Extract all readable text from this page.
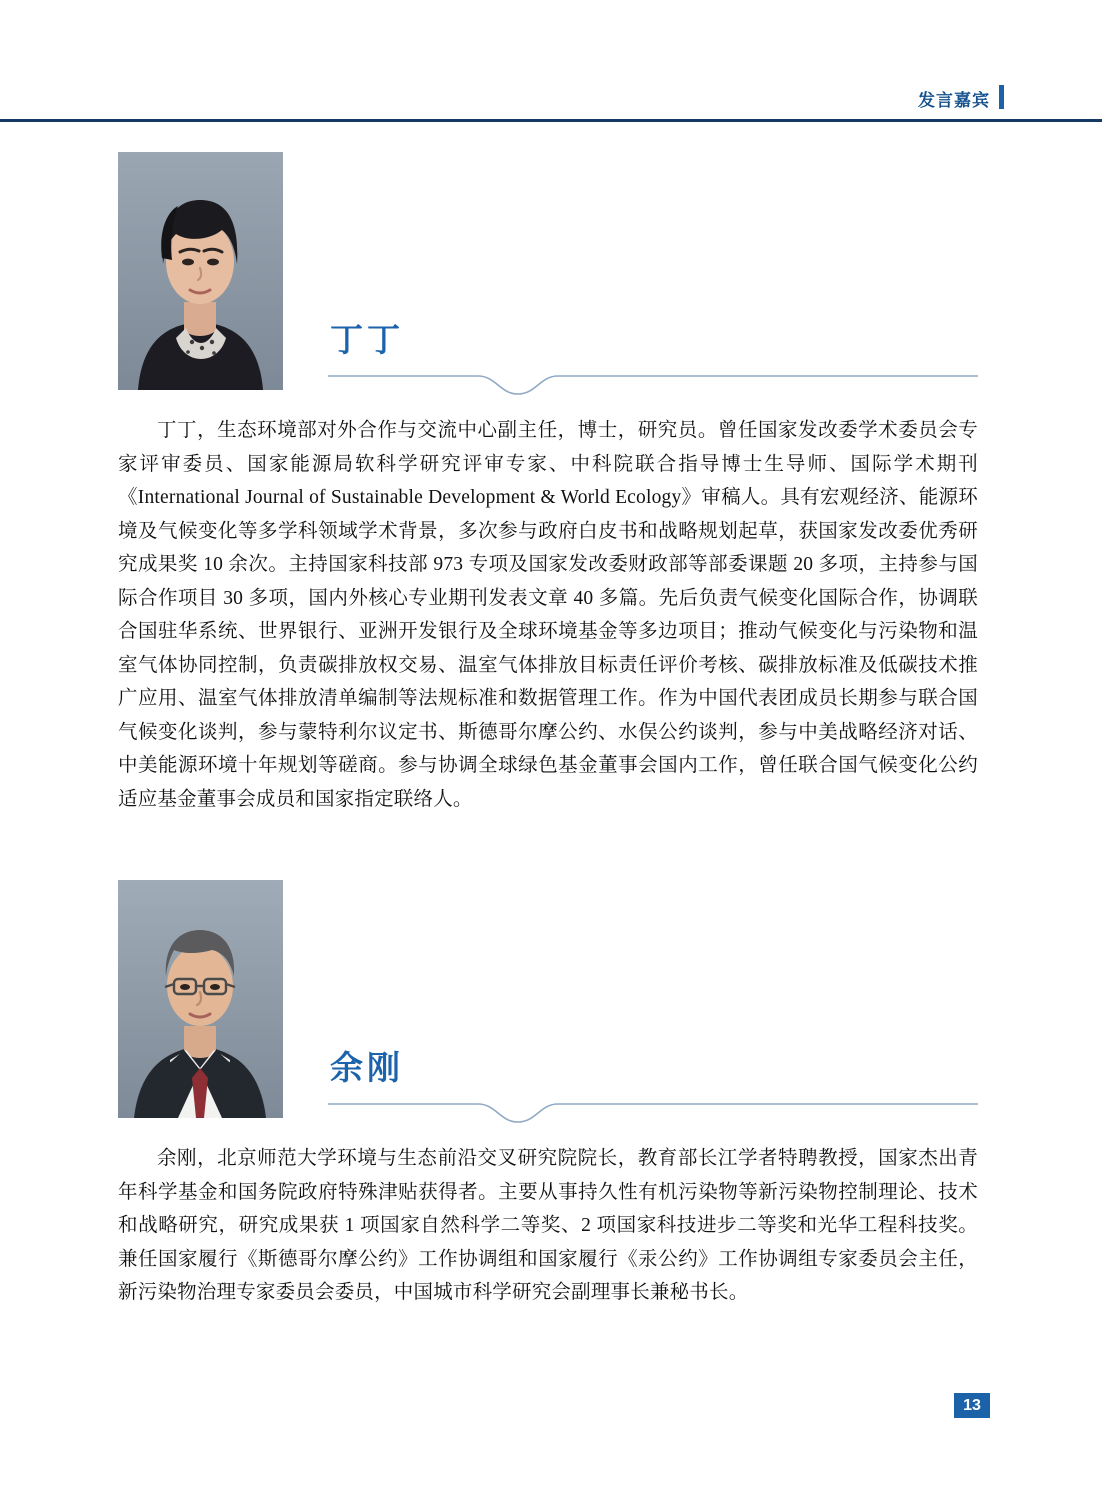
发言嘉宾
丁丁
丁丁，生态环境部对外合作与交流中心副主任，博士，研究员。曾任国家发改委学术委员会专家评审委员、国家能源局软科学研究评审专家、中科院联合指导博士生导师、国际学术期刊《International Journal of Sustainable Development & World Ecology》审稿人。具有宏观经济、能源环境及气候变化等多学科领域学术背景，多次参与政府白皮书和战略规划起草，获国家发改委优秀研究成果奖 10 余次。主持国家科技部 973 专项及国家发改委财政部等部委课题 20 多项，主持参与国际合作项目 30 多项，国内外核心专业期刊发表文章 40 多篇。先后负责气候变化国际合作，协调联合国驻华系统、世界银行、亚洲开发银行及全球环境基金等多边项目；推动气候变化与污染物和温室气体协同控制，负责碳排放权交易、温室气体排放目标责任评价考核、碳排放标准及低碳技术推广应用、温室气体排放清单编制等法规标准和数据管理工作。作为中国代表团成员长期参与联合国气候变化谈判，参与蒙特利尔议定书、斯德哥尔摩公约、水俣公约谈判，参与中美战略经济对话、中美能源环境十年规划等磋商。参与协调全球绿色基金董事会国内工作，曾任联合国气候变化公约适应基金董事会成员和国家指定联络人。
余刚
余刚，北京师范大学环境与生态前沿交叉研究院院长，教育部长江学者特聘教授，国家杰出青年科学基金和国务院政府特殊津贴获得者。主要从事持久性有机污染物等新污染物控制理论、技术和战略研究，研究成果获 1 项国家自然科学二等奖、2 项国家科技进步二等奖和光华工程科技奖。兼任国家履行《斯德哥尔摩公约》工作协调组和国家履行《汞公约》工作协调组专家委员会主任，新污染物治理专家委员会委员，中国城市科学研究会副理事长兼秘书长。
13
